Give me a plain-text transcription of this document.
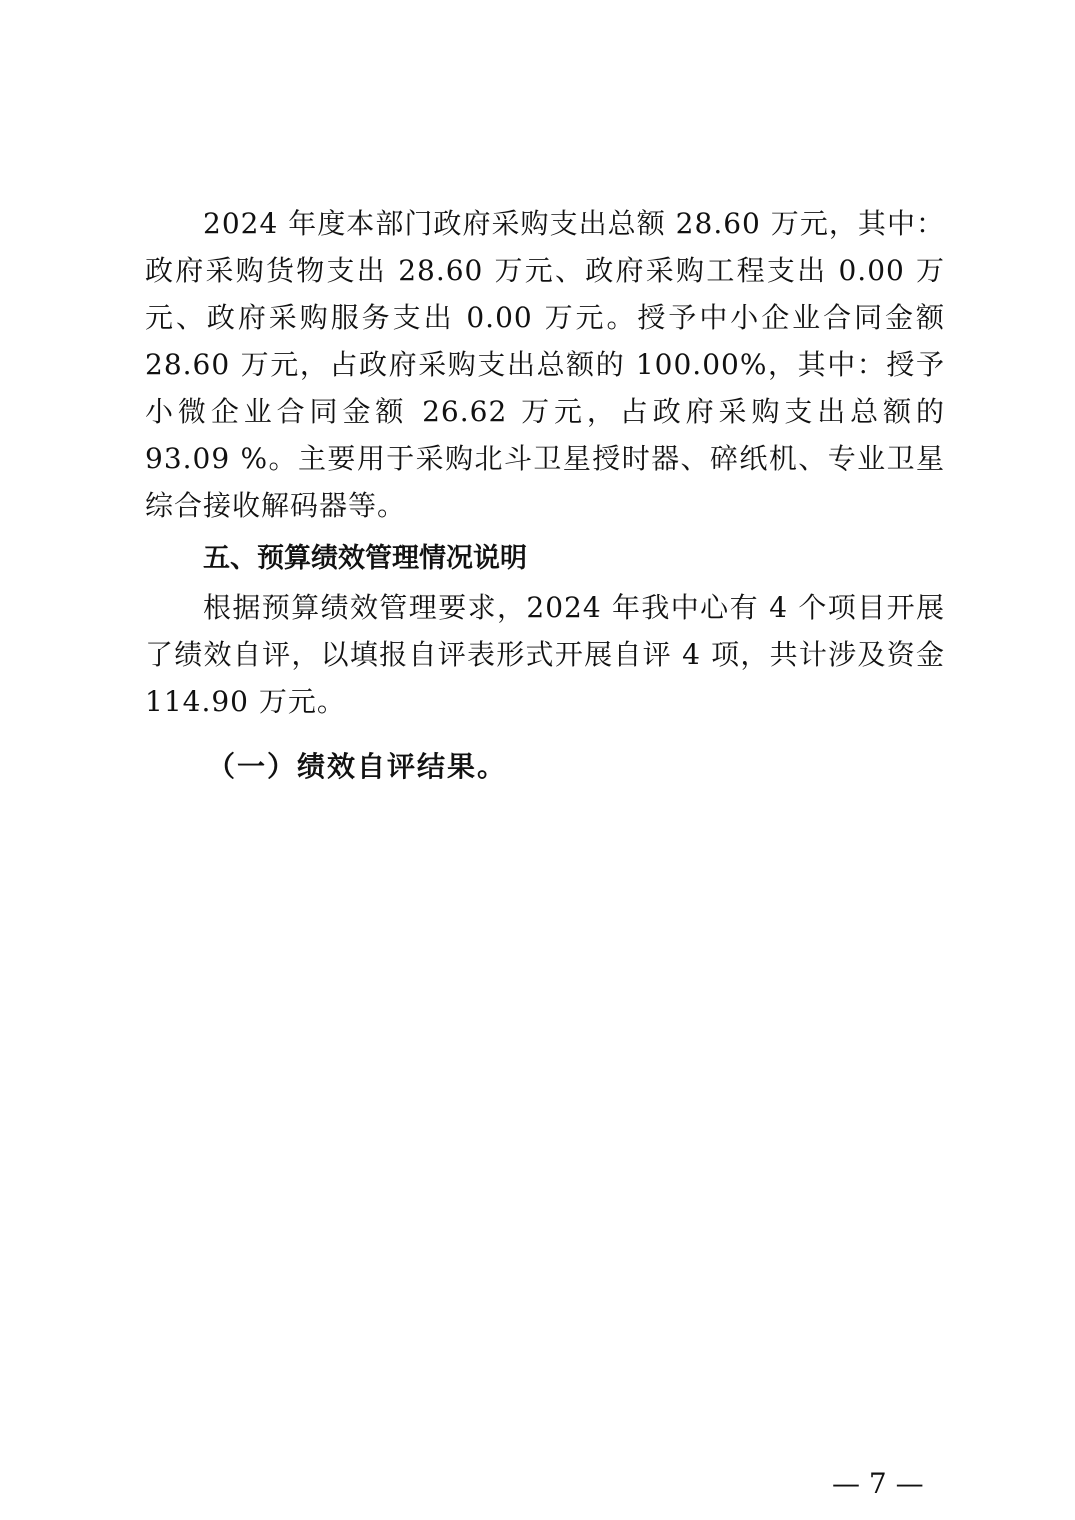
2024 年度本部门政府采购支出总额 28.60 万元，其中：政府采购货物支出 28.60 万元、政府采购工程支出 0.00 万元、政府采购服务支出 0.00 万元。授予中小企业合同金额 28.60 万元，占政府采购支出总额的 100.00%，其中：授予小微企业合同金额 26.62 万元，占政府采购支出总额的 93.09 %。主要用于采购北斗卫星授时器、碎纸机、专业卫星综合接收解码器等。

五、预算绩效管理情况说明

根据预算绩效管理要求，2024 年我中心有 4 个项目开展了绩效自评，以填报自评表形式开展自评 4 项，共计涉及资金 114.90 万元。

（一）绩效自评结果。

— 7 —
